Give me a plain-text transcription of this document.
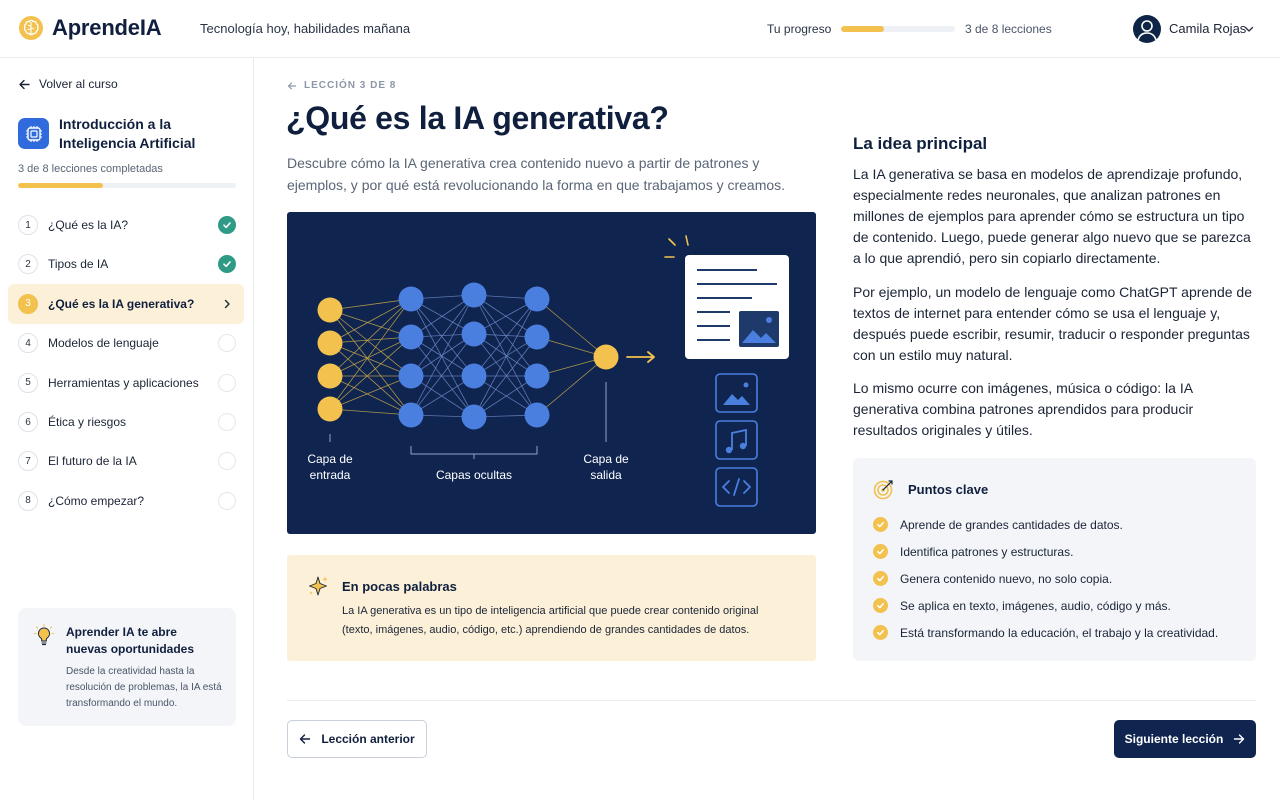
AprendeIA	Tecnología hoy, habilidades mañana	Tu progreso	3 de 8 lecciones	Camila Rojas
Volver al curso
Introducción a la Inteligencia Artificial
3 de 8 lecciones completadas
1	¿Qué es la IA?
2	Tipos de IA
3	¿Qué es la IA generativa?
4	Modelos de lenguaje
5	Herramientas y aplicaciones
6	Ética y riesgos
7	El futuro de la IA
8	¿Cómo empezar?
Aprender IA te abre nuevas oportunidades
Desde la creatividad hasta la resolución de problemas, la IA está transformando el mundo.
LECCIÓN 3 DE 8
¿Qué es la IA generativa?

Descubre cómo la IA generativa crea contenido nuevo a partir de patrones y ejemplos, y por qué está revolucionando la forma en que trabajamos y creamos.

Capa de entrada	Capas ocultas
Capa de salida
En pocas palabras
La IA generativa es un tipo de inteligencia artificial que puede crear contenido original (texto, imágenes, audio, código, etc.) aprendiendo de grandes cantidades de datos.
Lección anterior	Siguiente lección
La idea principal

La IA generativa se basa en modelos de aprendizaje profundo, especialmente redes neuronales, que analizan patrones en millones de ejemplos para aprender cómo se estructura un tipo de contenido. Luego, puede generar algo nuevo que se parezca a lo que aprendió, pero sin copiarlo directamente.

Por ejemplo, un modelo de lenguaje como ChatGPT aprende de textos de internet para entender cómo se usa el lenguaje y, después puede escribir, resumir, traducir o responder preguntas con un estilo muy natural.

Lo mismo ocurre con imágenes, música o código: la IA generativa combina patrones aprendidos para producir resultados originales y útiles.

Puntos clave
Aprende de grandes cantidades de datos.
Identifica patrones y estructuras.
Genera contenido nuevo, no solo copia.
Se aplica en texto, imágenes, audio, código y más.
Está transformando la educación, el trabajo y la creatividad.
